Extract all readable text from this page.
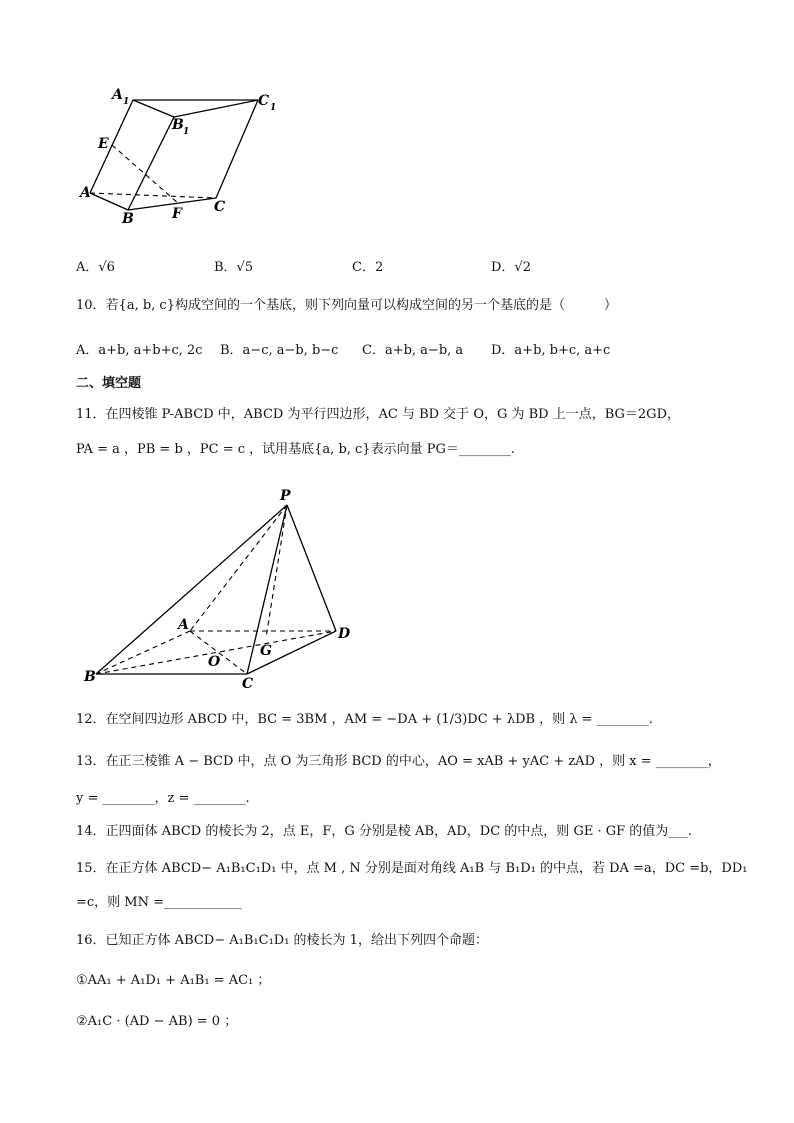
A 1
B 1
C 1
E
A
B	F C
A．√6	B．√5	C．2	D．√2
10．若{a, b, c}构成空间的一个基底，则下列向量可以构成空间的另一个基底的是（　　　）
A．a+b, a+b+c, 2c B．a−c, a−b, b−c C．a+b, a−b, a D．a+b, b+c, a+c
二、填空题
11．在四棱锥 P-ABCD 中，ABCD 为平行四边形，AC 与 BD 交于 O，G 为 BD 上一点，BG＝2GD，
PA = a ，PB = b ，PC = c ，试用基底{a, b, c}表示向量 PG＝________.
P
A
B	C
D
O
G
12．在空间四边形 ABCD 中，BC = 3BM ，AM = −DA + (1/3)DC + λDB ，则 λ = ________.
13．在正三棱锥 A − BCD 中，点 O 为三角形 BCD 的中心，AO = xAB + yAC + zAD ，则 x = ________，
y = ________，z = ________.
14．正四面体 ABCD 的棱长为 2，点 E，F，G 分别是棱 AB，AD，DC 的中点，则 GE · GF 的值为___.
15．在正方体 ABCD− A₁B₁C₁D₁ 中，点 M , N 分别是面对角线 A₁B 与 B₁D₁ 的中点，若 DA =a，DC =b，DD₁
=c，则 MN =____________
16．已知正方体 ABCD− A₁B₁C₁D₁ 的棱长为 1，给出下列四个命题：
①AA₁ + A₁D₁ + A₁B₁ = AC₁ ；
②A₁C · (AD − AB) = 0 ；
